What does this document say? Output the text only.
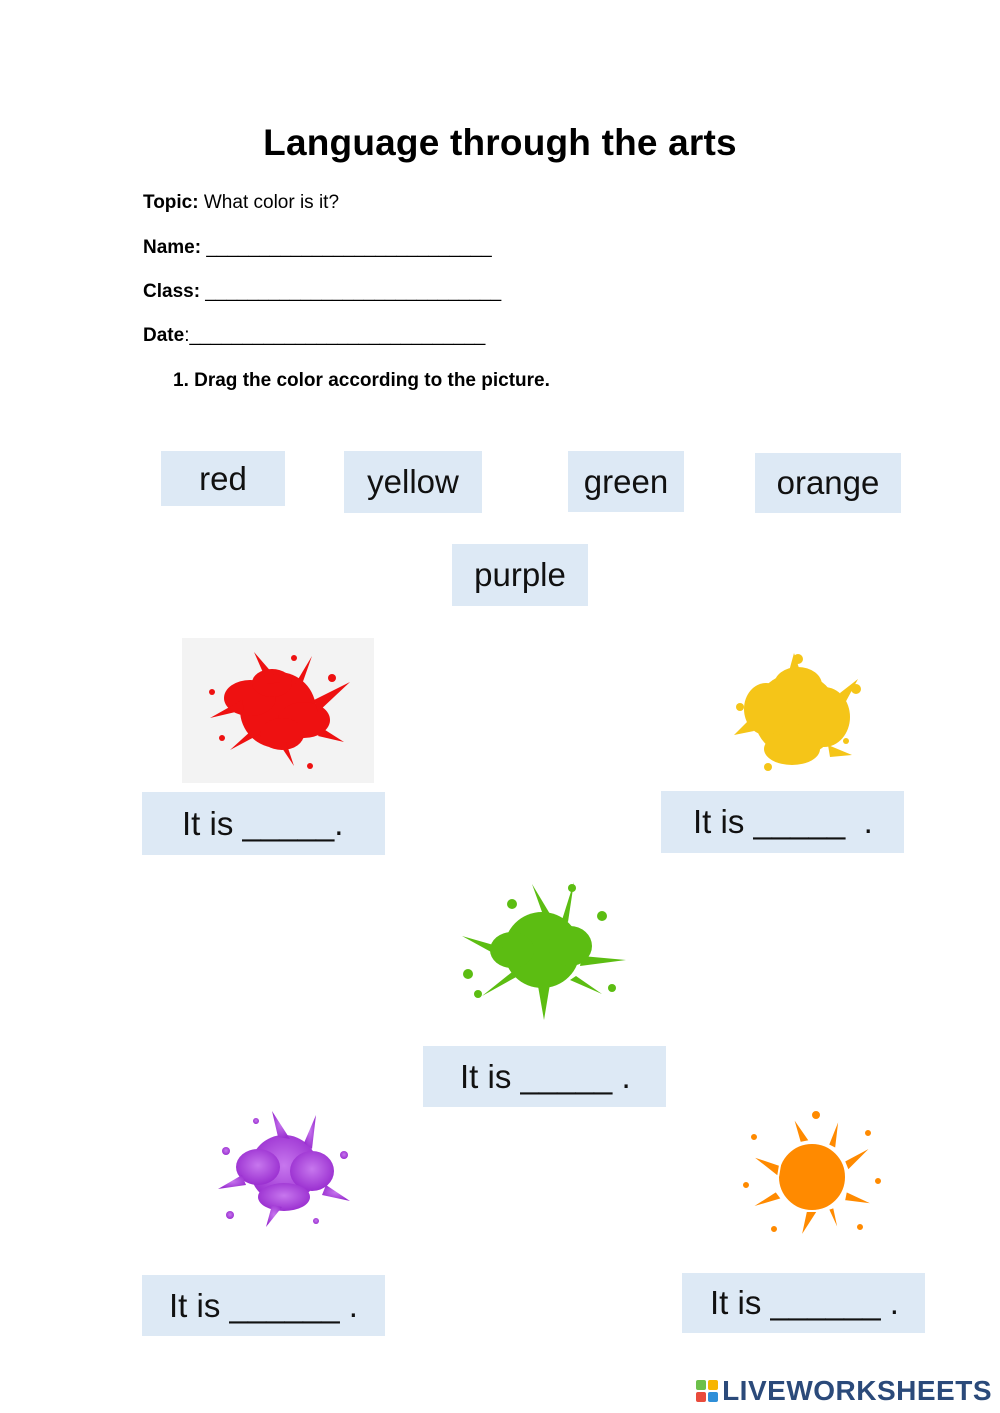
Language through the arts
Topic: What color is it?
Name: ___________________________
Class: ____________________________
Date:____________________________
1. Drag the color according to the picture.
red	yellow	green	orange
purple
It is _____.	It is _____  .
It is _____ .
It is ______ .	It is ______ .
LIVEWORKSHEETS
